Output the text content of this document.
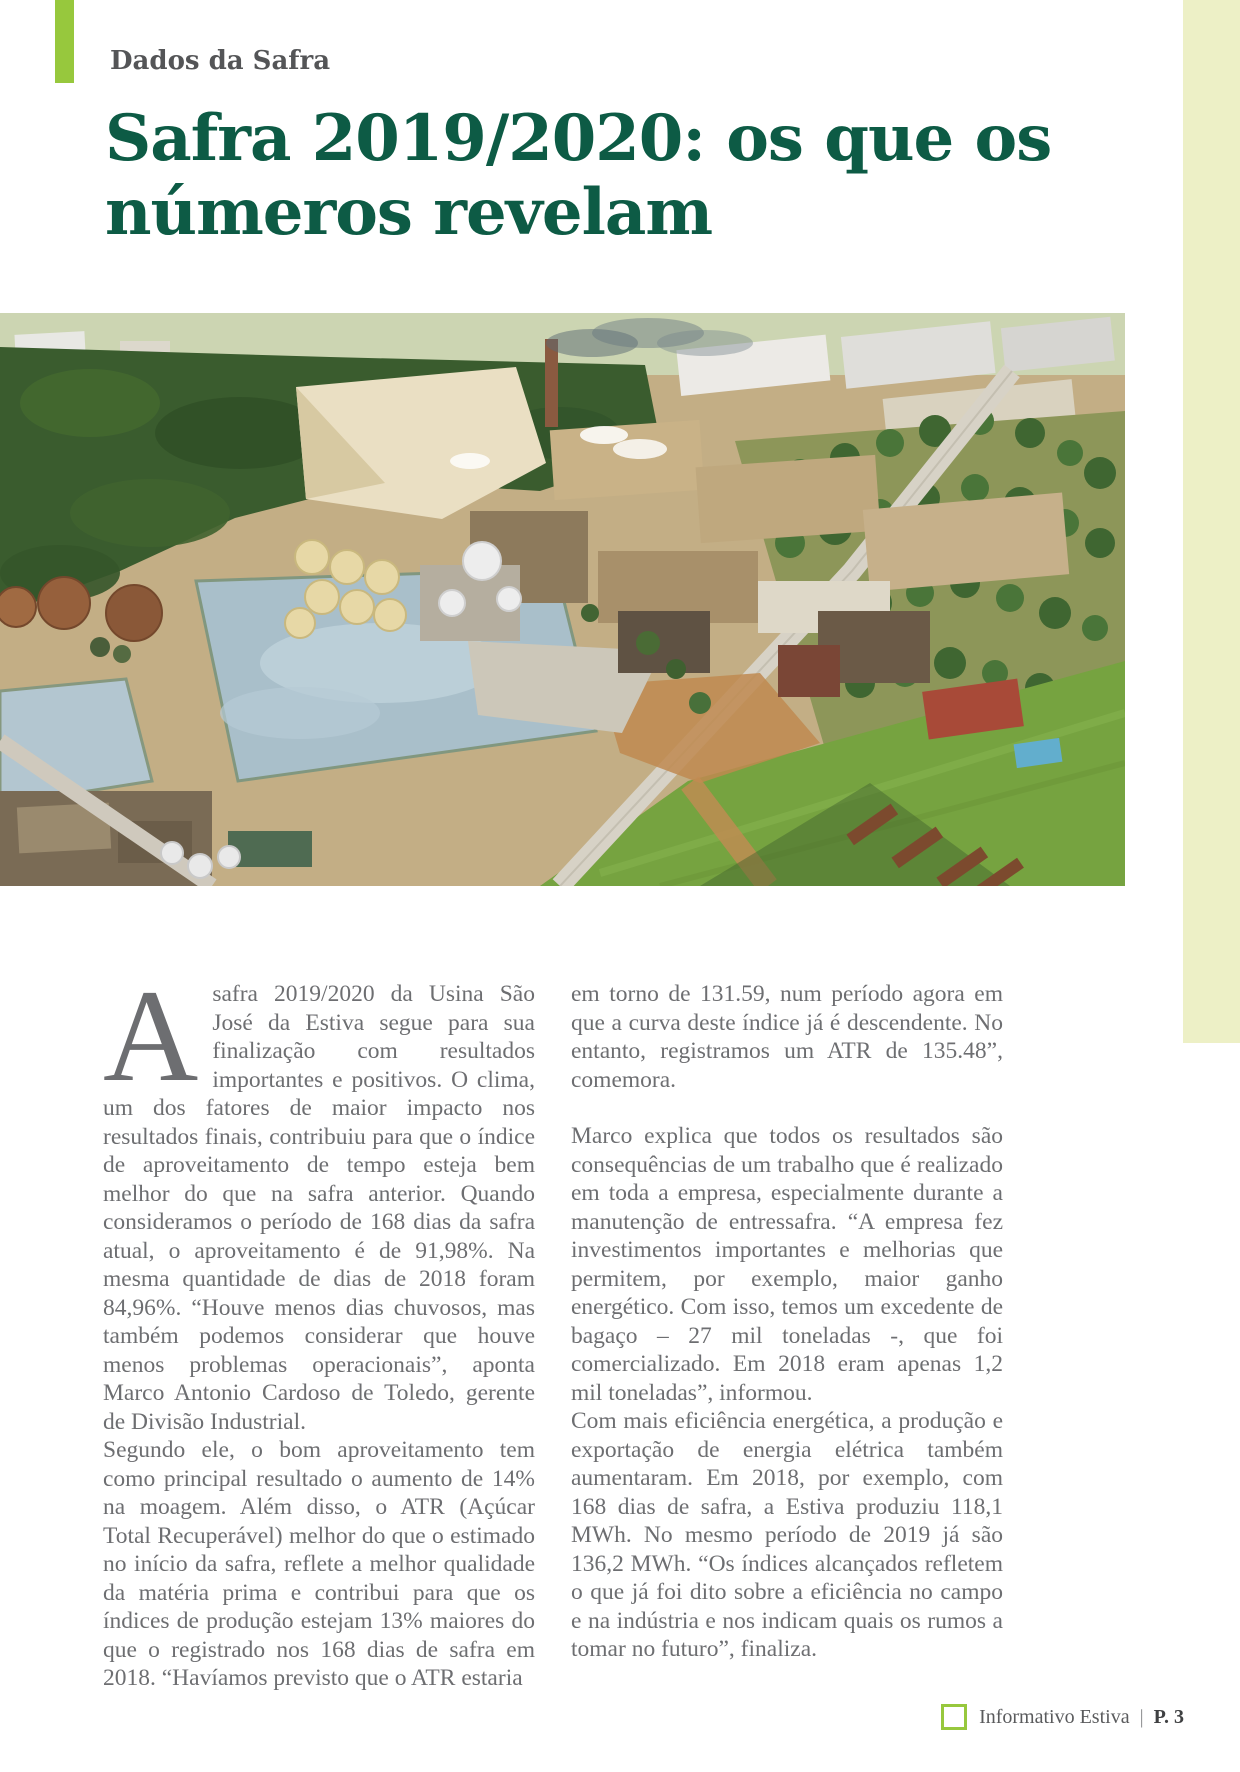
Dados da Safra
Safra 2019/2020: os que os
números revelam

Asafra 2019/2020 da Usina São José da Estiva segue para sua finalização com resultados importantes e positivos. O clima, um dos fatores de maior impacto nos resultados finais, contribuiu para que o índice de aproveitamento de tempo esteja bem melhor do que na safra anterior. Quando consideramos o período de 168 dias da safra atual, o aproveitamento é de 91,98%. Na mesma quantidade de dias de 2018 foram 84,96%. “Houve menos dias chuvosos, mas também podemos considerar que houve menos problemas operacionais”, aponta Marco Antonio Cardoso de Toledo, gerente de Divisão Industrial.

Segundo ele, o bom aproveitamento tem como principal resultado o aumento de 14% na moagem. Além disso, o ATR (Açúcar Total Recuperável) melhor do que o estimado no início da safra, reflete a melhor qualidade da matéria prima e contribui para que os índices de produção estejam 13% maiores do que o registrado nos 168 dias de safra em 2018. “Havíamos previsto que o ATR estaria

em torno de 131.59, num período agora em que a curva deste índice já é descendente. No entanto, registramos um ATR de 135.48”, comemora.

Marco explica que todos os resultados são consequências de um trabalho que é realizado em toda a empresa, especialmente durante a manutenção de entressafra. “A empresa fez investimentos importantes e melhorias que permitem, por exemplo, maior ganho energético. Com isso, temos um excedente de bagaço – 27 mil toneladas -, que foi comercializado. Em 2018 eram apenas 1,2 mil toneladas”, informou.

Com mais eficiência energética, a produção e exportação de energia elétrica também aumentaram. Em 2018, por exemplo, com 168 dias de safra, a Estiva produziu 118,1 MWh. No mesmo período de 2019 já são 136,2 MWh. “Os índices alcançados refletem o que já foi dito sobre a eficiência no campo e na indústria e nos indicam quais os rumos a tomar no futuro”, finaliza.

Informativo Estiva | P. 3
